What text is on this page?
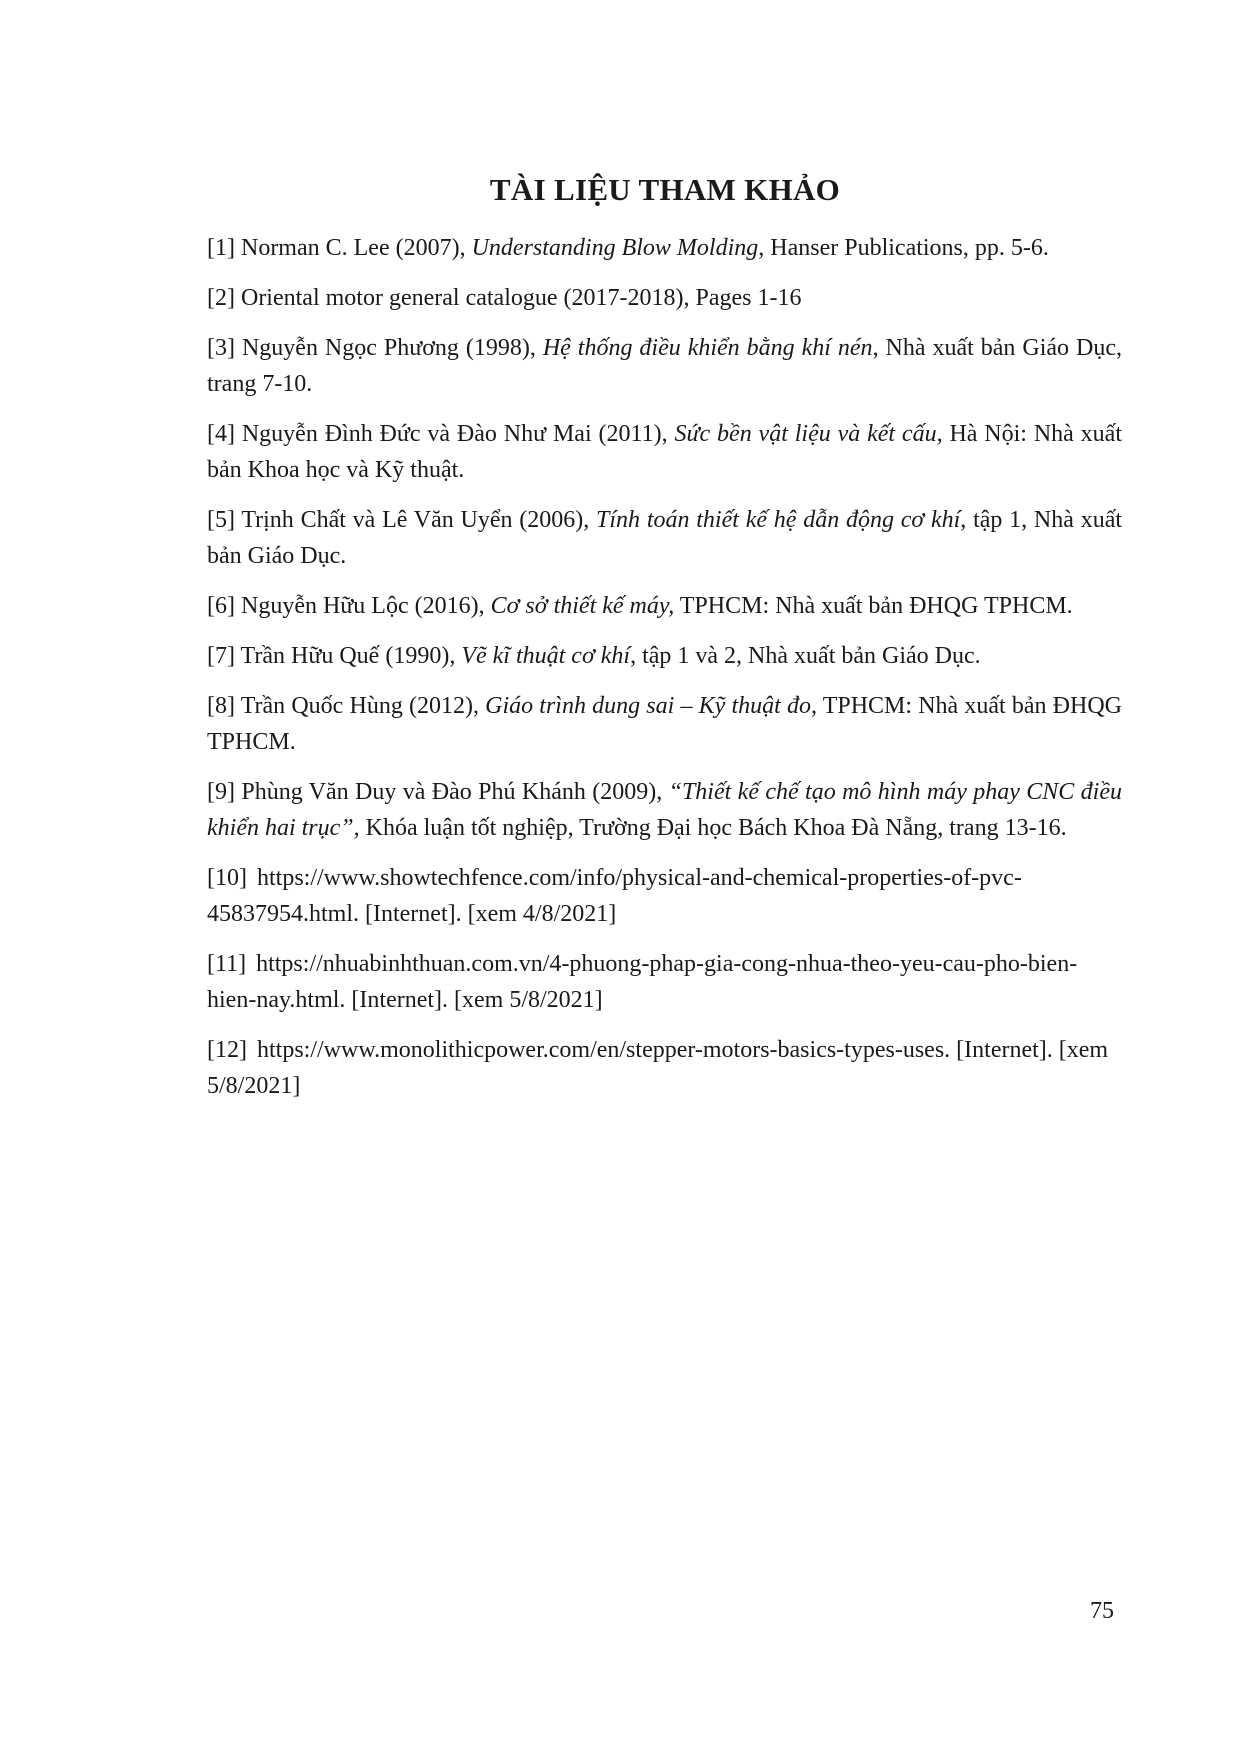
TÀI LIỆU THAM KHẢO
[1] Norman C. Lee (2007), Understanding Blow Molding, Hanser Publications, pp. 5-6.
[2] Oriental motor general catalogue (2017-2018), Pages 1-16
[3] Nguyễn Ngọc Phương (1998), Hệ thống điều khiển bằng khí nén, Nhà xuất bản Giáo Dục, trang 7-10.
[4] Nguyễn Đình Đức và Đào Như Mai (2011), Sức bền vật liệu và kết cấu, Hà Nội: Nhà xuất bản Khoa học và Kỹ thuật.
[5] Trịnh Chất và Lê Văn Uyển (2006), Tính toán thiết kế hệ dẫn động cơ khí, tập 1, Nhà xuất bản Giáo Dục.
[6] Nguyễn Hữu Lộc (2016), Cơ sở thiết kế máy, TPHCM: Nhà xuất bản ĐHQG TPHCM.
[7] Trần Hữu Quế (1990), Vẽ kĩ thuật cơ khí, tập 1 và 2, Nhà xuất bản Giáo Dục.
[8] Trần Quốc Hùng (2012), Giáo trình dung sai – Kỹ thuật đo, TPHCM: Nhà xuất bản ĐHQG TPHCM.
[9] Phùng Văn Duy và Đào Phú Khánh (2009), “Thiết kế chế tạo mô hình máy phay CNC điều khiển hai trục”, Khóa luận tốt nghiệp, Trường Đại học Bách Khoa Đà Nẵng, trang 13-16.
[10] https://www.showtechfence.com/info/physical-and-chemical-properties-of-pvc-45837954.html. [Internet]. [xem 4/8/2021]
[11] https://nhuabinhthuan.com.vn/4-phuong-phap-gia-cong-nhua-theo-yeu-cau-pho-bien-hien-nay.html. [Internet]. [xem 5/8/2021]
[12] https://www.monolithicpower.com/en/stepper-motors-basics-types-uses. [Internet]. [xem 5/8/2021]
75
